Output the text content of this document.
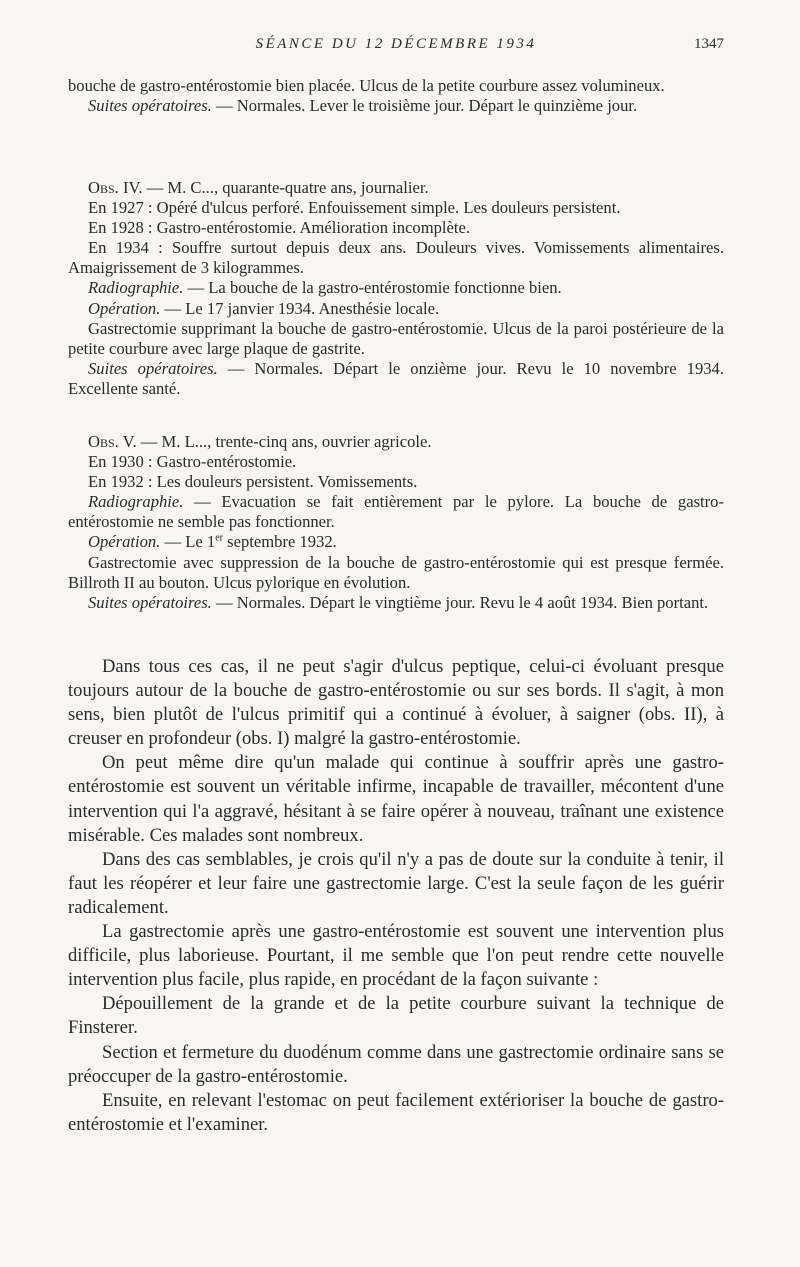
SÉANCE DU 12 DÉCEMBRE 1934	1347

bouche de gastro-entérostomie bien placée. Ulcus de la petite courbure assez volumineux.

Suites opératoires. — Normales. Lever le troisième jour. Départ le quinzième jour.

Obs. IV. — M. C..., quarante-quatre ans, journalier.

En 1927 : Opéré d'ulcus perforé. Enfouissement simple. Les douleurs persistent.

En 1928 : Gastro-entérostomie. Amélioration incomplète.

En 1934 : Souffre surtout depuis deux ans. Douleurs vives. Vomissements alimentaires. Amaigrissement de 3 kilogrammes.

Radiographie. — La bouche de la gastro-entérostomie fonctionne bien.

Opération. — Le 17 janvier 1934. Anesthésie locale.

Gastrectomie supprimant la bouche de gastro-entérostomie. Ulcus de la paroi postérieure de la petite courbure avec large plaque de gastrite.

Suites opératoires. — Normales. Départ le onzième jour. Revu le 10 novembre 1934. Excellente santé.

Obs. V. — M. L..., trente-cinq ans, ouvrier agricole.

En 1930 : Gastro-entérostomie.

En 1932 : Les douleurs persistent. Vomissements.

Radiographie. — Evacuation se fait entièrement par le pylore. La bouche de gastro-entérostomie ne semble pas fonctionner.

Opération. — Le 1er septembre 1932.

Gastrectomie avec suppression de la bouche de gastro-entérostomie qui est presque fermée. Billroth II au bouton. Ulcus pylorique en évolution.

Suites opératoires. — Normales. Départ le vingtième jour. Revu le 4 août 1934. Bien portant.

Dans tous ces cas, il ne peut s'agir d'ulcus peptique, celui-ci évoluant presque toujours autour de la bouche de gastro-entérostomie ou sur ses bords. Il s'agit, à mon sens, bien plutôt de l'ulcus primitif qui a continué à évoluer, à saigner (obs. II), à creuser en profondeur (obs. I) malgré la gastro-entérostomie.

On peut même dire qu'un malade qui continue à souffrir après une gastro-entérostomie est souvent un véritable infirme, incapable de travailler, mécontent d'une intervention qui l'a aggravé, hésitant à se faire opérer à nouveau, traînant une existence misérable. Ces malades sont nombreux.

Dans des cas semblables, je crois qu'il n'y a pas de doute sur la conduite à tenir, il faut les réopérer et leur faire une gastrectomie large. C'est la seule façon de les guérir radicalement.

La gastrectomie après une gastro-entérostomie est souvent une intervention plus difficile, plus laborieuse. Pourtant, il me semble que l'on peut rendre cette nouvelle intervention plus facile, plus rapide, en procédant de la façon suivante :

Dépouillement de la grande et de la petite courbure suivant la technique de Finsterer.

Section et fermeture du duodénum comme dans une gastrectomie ordinaire sans se préoccuper de la gastro-entérostomie.

Ensuite, en relevant l'estomac on peut facilement extérioriser la bouche de gastro-entérostomie et l'examiner.
